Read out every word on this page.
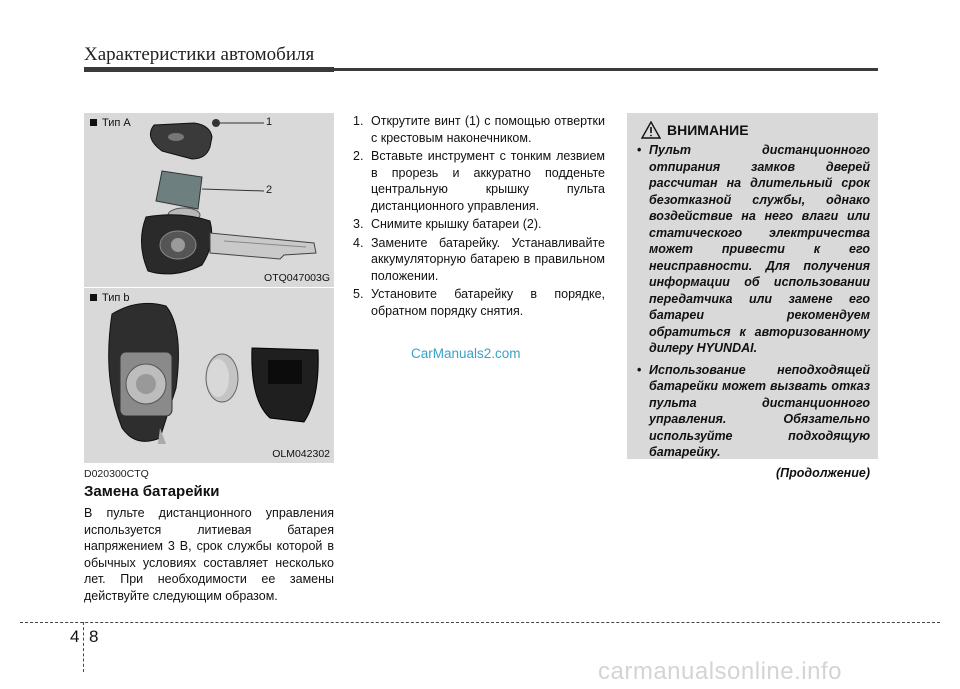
Характеристики автомобиля
Тип A	1
2
OTQ047003G
Тип b
OLM042302
D020300CTQ
Замена батарейки
В пульте дистанционного управления используется литиевая батарея напряжением 3 В, срок службы которой в обычных условиях составляет несколько лет. При необходимости ее замены действуйте следующим образом.
1. Открутите винт (1) с помощью отвертки с крестовым наконечником.
2. Вставьте инструмент с тонким лезвием в прорезь и аккуратно подденьте центральную крышку пульта дистанционного управления.
3. Снимите крышку батареи (2).
4. Замените батарейку. Устанавливайте аккумуляторную батарею в правильном положении.
5. Установите батарейку в порядке, обратном порядку снятия.
ВНИМАНИЕ
• Пульт дистанционного отпирания замков дверей рассчитан на длительный срок безотказной службы, однако воздействие на него влаги или статического электричества может привести к его неисправности. Для получения информации об использовании передатчика или замене его батареи рекомендуем обратиться к авторизованному дилеру HYUNDAI.
• Использование неподходящей батарейки может вызвать отказ пульта дистанционного управления. Обязательно используйте подходящую батарейку.
(Продолжение)
CarManuals2.com
4 8
carmanualsonline.info
